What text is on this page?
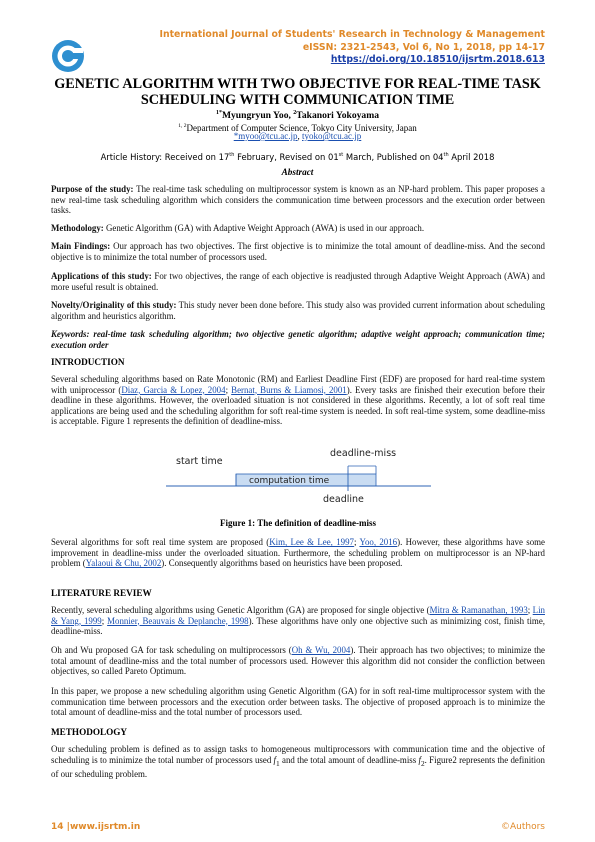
International Journal of Students' Research in Technology & Management
eISSN: 2321-2543, Vol 6, No 1, 2018, pp 14-17
https://doi.org/10.18510/ijsrtm.2018.613
GENETIC ALGORITHM WITH TWO OBJECTIVE FOR REAL-TIME TASK
SCHEDULING WITH COMMUNICATION TIME
$^{1*}$Myungryun Yoo, $^2$Takanori Yokoyama
$^{1, 2}$Department of Computer Science, Tokyo City University, Japan
*myoo@tcu.ac.jp, tyoko@tcu.ac.jp
Article History: Received on 17th February, Revised on 01st March, Published on 04th April 2018
Abstract

Purpose of the study: The real-time task scheduling on multiprocessor system is known as an NP-hard problem. This paper proposes a new real-time task scheduling algorithm which considers the communication time between processors and the execution order between tasks.

Methodology: Genetic Algorithm (GA) with Adaptive Weight Approach (AWA) is used in our approach.

Main Findings: Our approach has two objectives. The first objective is to minimize the total amount of deadline-miss. And the second objective is to minimize the total number of processors used.

Applications of this study: For two objectives, the range of each objective is readjusted through Adaptive Weight Approach (AWA) and more useful result is obtained.

Novelty/Originality of this study: This study never been done before. This study also was provided current information about scheduling algorithm and heuristics algorithm.

Keywords: real-time task scheduling algorithm; two objective genetic algorithm; adaptive weight approach; communication time; execution order

INTRODUCTION

Several scheduling algorithms based on Rate Monotonic (RM) and Earliest Deadline First (EDF) are proposed for hard real-time system with uniprocessor (Diaz, Garcia & Lopez, 2004; Bernat, Burns & Liamosi, 2001). Every tasks are finished their execution before their deadline in these algorithms. However, the overloaded situation is not considered in these algorithms. Recently, a lot of soft real time applications are being used and the scheduling algorithm for soft real-time system is needed. In soft real-time system, some deadline-miss is acceptable. Figure 1 represents the definition of deadline-miss.

start time
deadline-miss
computation time
deadline
Figure 1: The definition of deadline-miss

Several algorithms for soft real time system are proposed (Kim, Lee & Lee, 1997; Yoo, 2016). However, these algorithms have some improvement in deadline-miss under the overloaded situation. Furthermore, the scheduling problem on multiprocessor is an NP-hard problem (Yalaoui & Chu, 2002). Consequently algorithms based on heuristics have been proposed.

LITERATURE REVIEW

Recently, several scheduling algorithms using Genetic Algorithm (GA) are proposed for single objective (Mitra & Ramanathan, 1993; Lin & Yang, 1999; Monnier, Beauvais & Deplanche, 1998). These algorithms have only one objective such as minimizing cost, finish time, deadline-miss.

Oh and Wu proposed GA for task scheduling on multiprocessors (Oh & Wu, 2004). Their approach has two objectives; to minimize the total amount of deadline-miss and the total number of processors used. However this algorithm did not consider the confliction between objectives, so called Pareto Optimum.

In this paper, we propose a new scheduling algorithm using Genetic Algorithm (GA) for in soft real-time multiprocessor system with the communication time between processors and the execution order between tasks. The objective of proposed approach is to minimize the total amount of deadline-miss and the total number of processors used.

METHODOLOGY

Our scheduling problem is defined as to assign tasks to homogeneous multiprocessors with communication time and the objective of scheduling is to minimize the total number of processors used $f_1$ and the total amount of deadline-miss $f_2$. Figure2 represents the definition of our scheduling problem.

14 |www.ijsrtm.in	©Authors
